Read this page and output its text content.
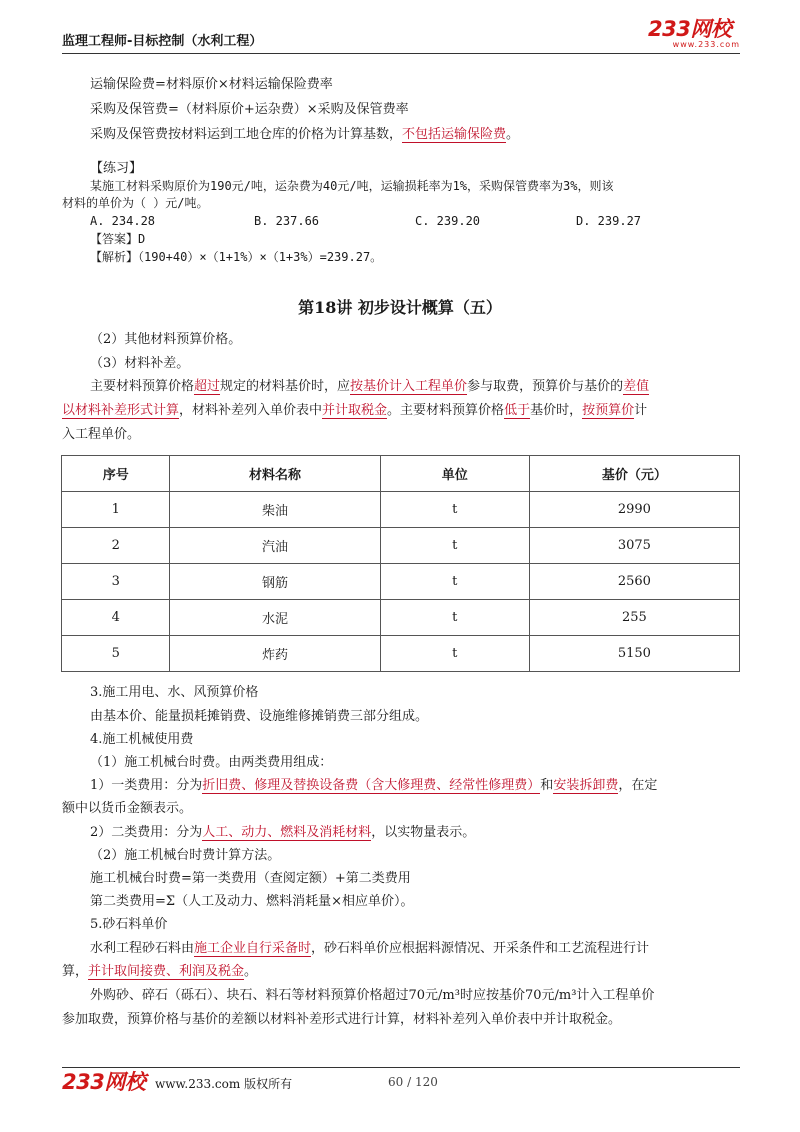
监理工程师-目标控制（水利工程）
233网校
www.233.com
运输保险费=材料原价×材料运输保险费率
采购及保管费=（材料原价+运杂费）×采购及保管费率
采购及保管费按材料运到工地仓库的价格为计算基数，不包括运输保险费。
【练习】
某施工材料采购原价为190元/吨，运杂费为40元/吨，运输损耗率为1%，采购保管费率为3%，则该
材料的单价为（ ）元/吨。
A. 234.28	B. 237.66	C. 239.20	D. 239.27
【答案】D
【解析】（190+40）×（1+1%）×（1+3%）=239.27。
第18讲 初步设计概算（五）
（2）其他材料预算价格。
（3）材料补差。
主要材料预算价格超过规定的材料基价时，应按基价计入工程单价参与取费，预算价与基价的差值
以材料补差形式计算，材料补差列入单价表中并计取税金。主要材料预算价格低于基价时，按预算价计
入工程单价。
序号	材料名称	单位	基价（元）
1	柴油	t	2990
2	汽油	t	3075
3	钢筋	t	2560
4	水泥	t	255
5	炸药	t	5150
3.施工用电、水、风预算价格
由基本价、能量损耗摊销费、设施维修摊销费三部分组成。
4.施工机械使用费
（1）施工机械台时费。由两类费用组成：
1）一类费用：分为折旧费、修理及替换设备费（含大修理费、经常性修理费）和安装拆卸费，在定
额中以货币金额表示。
2）二类费用：分为人工、动力、燃料及消耗材料，以实物量表示。
（2）施工机械台时费计算方法。
施工机械台时费=第一类费用（查阅定额）+第二类费用
第二类费用=Σ（人工及动力、燃料消耗量×相应单价）。
5.砂石料单价
水利工程砂石料由施工企业自行采备时，砂石料单价应根据料源情况、开采条件和工艺流程进行计
算，并计取间接费、利润及税金。
外购砂、碎石（砾石）、块石、料石等材料预算价格超过70元/m³时应按基价70元/m³计入工程单价
参加取费，预算价格与基价的差额以材料补差形式进行计算，材料补差列入单价表中并计取税金。
233网校 www.233.com 版权所有	60 / 120
